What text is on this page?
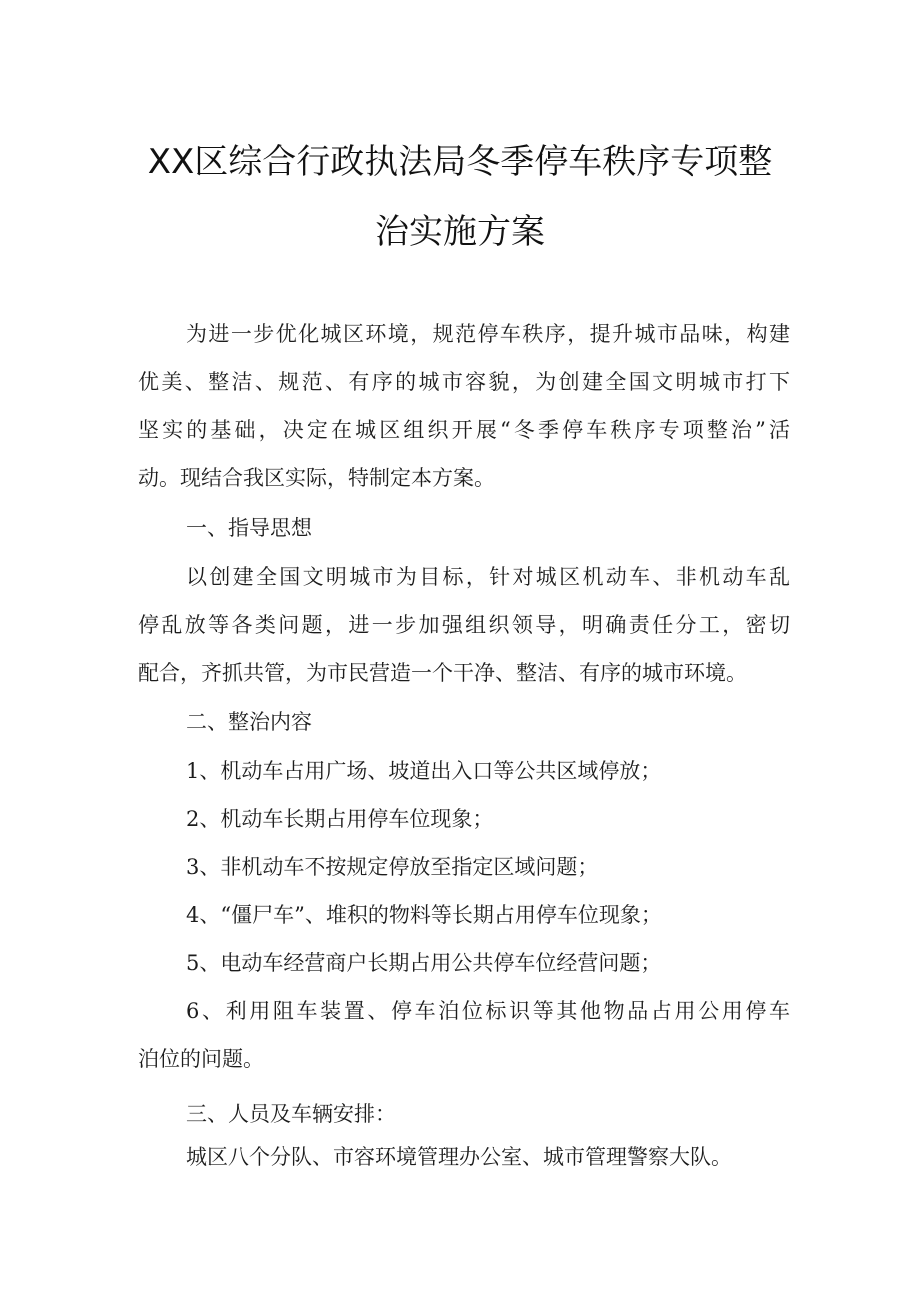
XX区综合行政执法局冬季停车秩序专项整
治实施方案
为进一步优化城区环境，规范停车秩序，提升城市品味，构建
优美、整洁、规范、有序的城市容貌，为创建全国文明城市打下
坚实的基础，决定在城区组织开展“冬季停车秩序专项整治”活
动。现结合我区实际，特制定本方案。
一、指导思想
以创建全国文明城市为目标，针对城区机动车、非机动车乱
停乱放等各类问题，进一步加强组织领导，明确责任分工，密切
配合，齐抓共管，为市民营造一个干净、整洁、有序的城市环境。
二、整治内容
1、机动车占用广场、坡道出入口等公共区域停放；
2、机动车长期占用停车位现象；
3、非机动车不按规定停放至指定区域问题；
4、“僵尸车”、堆积的物料等长期占用停车位现象；
5、电动车经营商户长期占用公共停车位经营问题；
6、利用阻车装置、停车泊位标识等其他物品占用公用停车
泊位的问题。
三、人员及车辆安排：
城区八个分队、市容环境管理办公室、城市管理警察大队。
